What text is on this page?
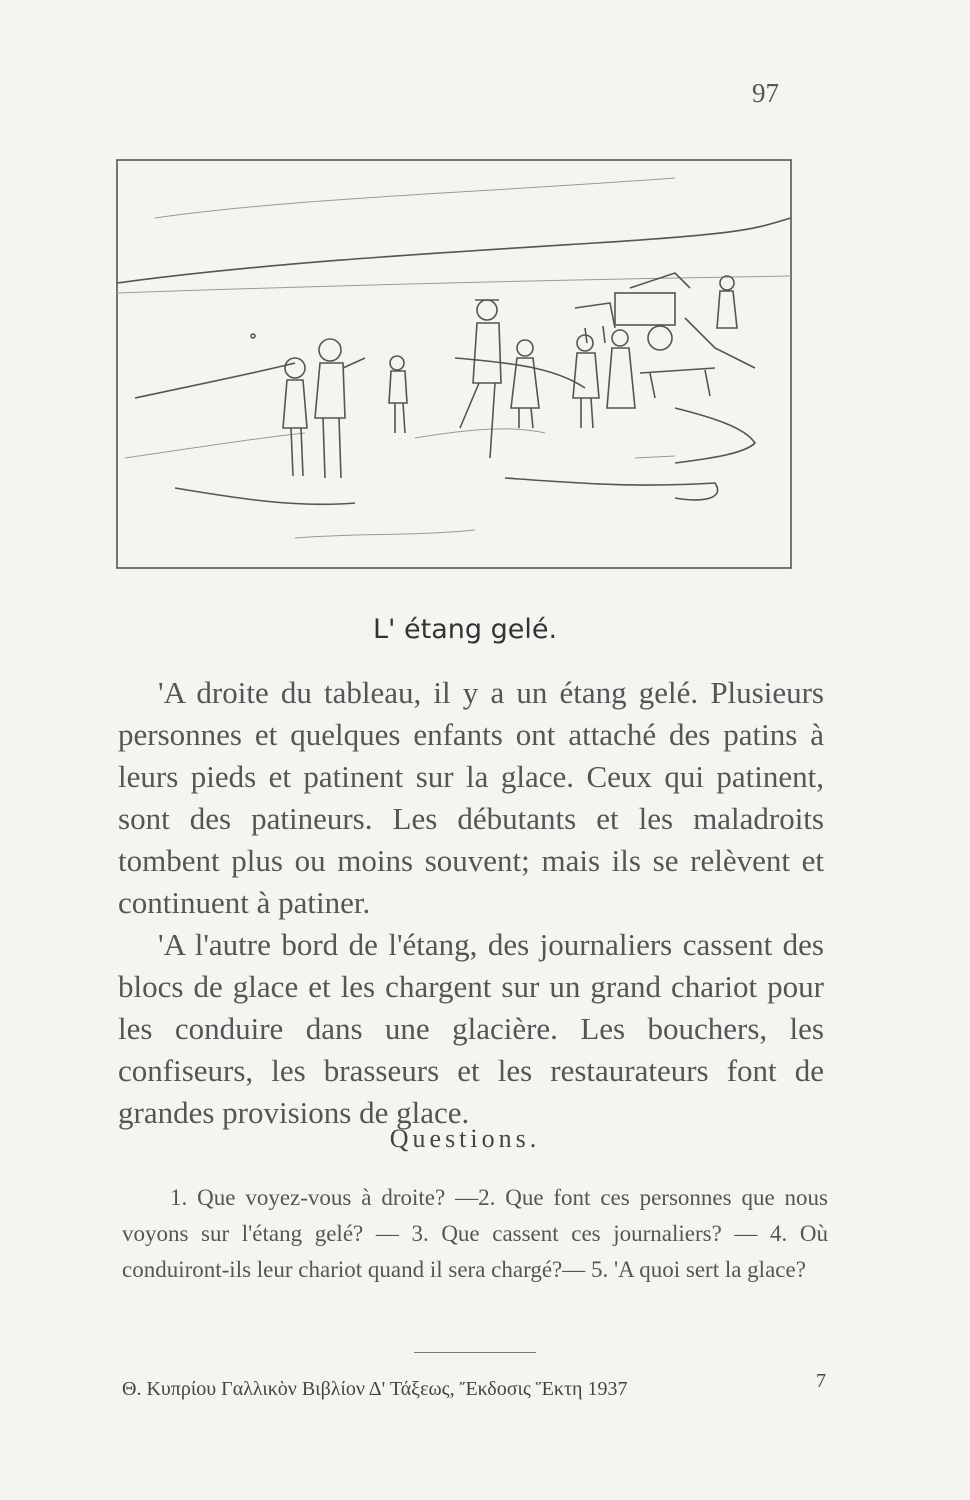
97
L' étang gelé.

'A droite du tableau, il y a un étang gelé. Plusieurs personnes et quelques enfants ont attaché des patins à leurs pieds et patinent sur la glace. Ceux qui patinent, sont des patineurs. Les débutants et les maladroits tombent plus ou moins souvent; mais ils se relèvent et continuent à patiner.

'A l'autre bord de l'étang, des journaliers cassent des blocs de glace et les chargent sur un grand chariot pour les conduire dans une glacière. Les bouchers, les confiseurs, les brasseurs et les restaurateurs font de grandes provisions de glace.

Questions.

1. Que voyez-vous à droite? —2. Que font ces personnes que nous voyons sur l'étang gelé? — 3. Que cassent ces journaliers? — 4. Où conduiront-ils leur chariot quand il sera chargé?— 5. 'A quoi sert la glace?

Θ. Κυπρίου Γαλλικὸν Βιβλίον Δ' Τάξεως, Ἔκδοσις Ἕκτη 1937	7
